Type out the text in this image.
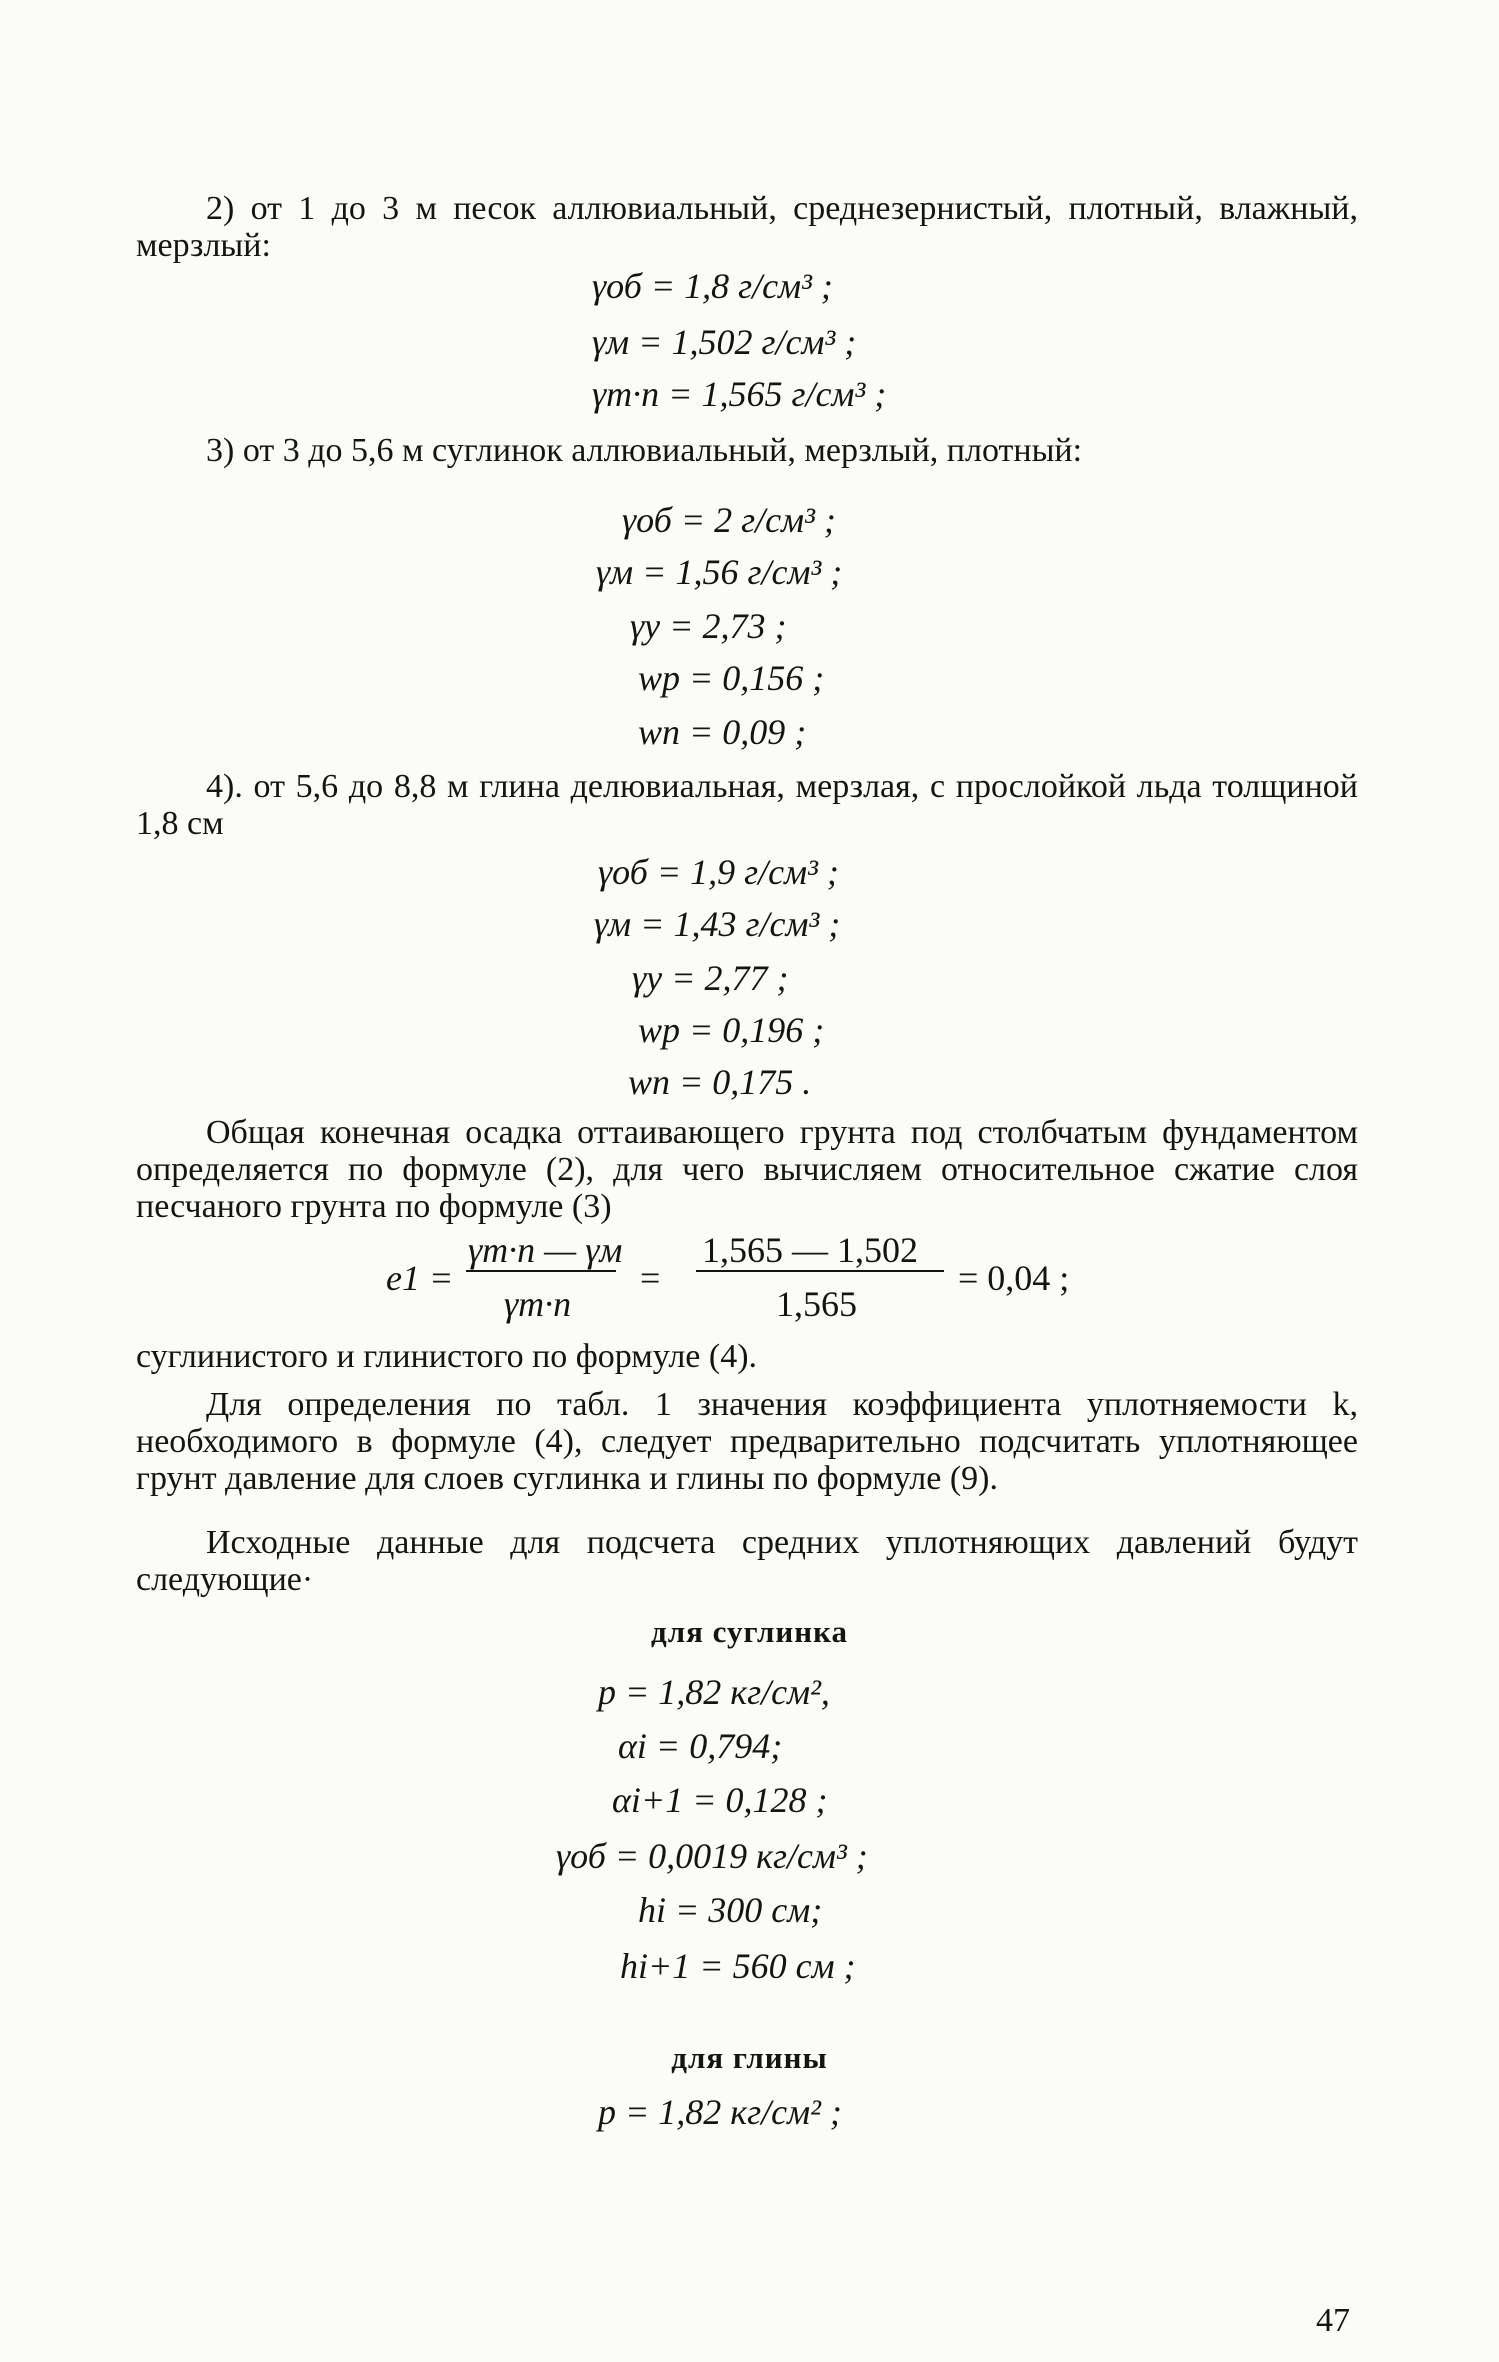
2) от 1 до 3 м песок аллювиальный, среднезернистый, плотный, влажный, мерзлый:
γоб = 1,8 г/см³ ;
γм = 1,502 г/см³ ;
γт·п = 1,565 г/см³ ;
3) от 3 до 5,6 м суглинок аллювиальный, мерзлый, плотный:
γоб = 2 г/см³ ;
γм = 1,56 г/см³ ;
γу = 2,73 ;
wр = 0,156 ;
wп = 0,09 ;
4). от 5,6 до 8,8 м глина делювиальная, мерзлая, с прослойкой льда толщиной 1,8 см
γоб = 1,9 г/см³ ;
γм = 1,43 г/см³ ;
γу = 2,77 ;
wр = 0,196 ;
wп = 0,175 .
Общая конечная осадка оттаивающего грунта под столбчатым фундаментом определяется по формуле (2), для чего вычисляем относительное сжатие слоя песчаного грунта по формуле (3)
e1 =
γт·п — γм
γт·п
=
1,565 — 1,502
1,565
= 0,04 ;
суглинистого и глинистого по формуле (4).
Для определения по табл. 1 значения коэффициента уплотняемости k, необходимого в формуле (4), следует предварительно подсчитать уплотняющее грунт давление для слоев суглинка и глины по формуле (9).
Исходные данные для подсчета средних уплотняющих давлений будут следующие·
для суглинка
p = 1,82 кг/см²,
αi = 0,794;
αi+1 = 0,128 ;
γоб = 0,0019 кг/см³ ;
hi = 300 см;
hi+1 = 560 см ;
для глины
p = 1,82 кг/см² ;
47
